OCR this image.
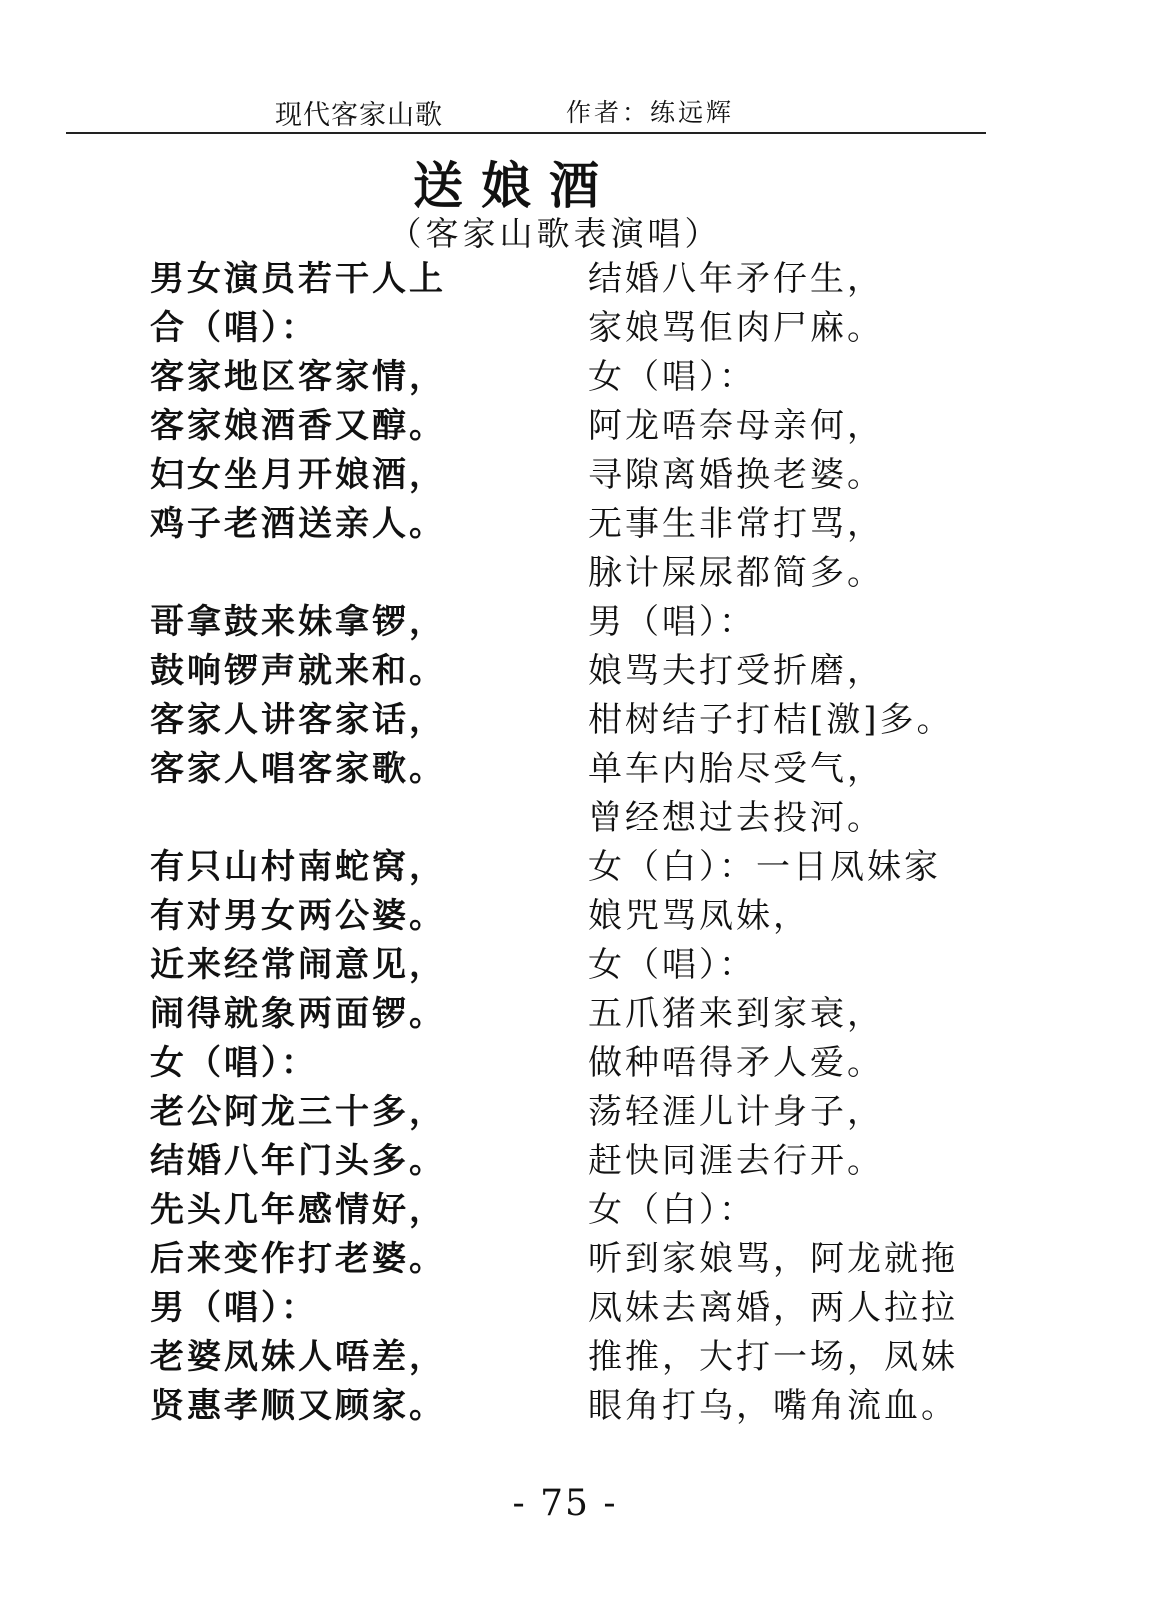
现代客家山歌	作者：练远辉
送娘酒
（客家山歌表演唱）
男女演员若干人上
合（唱）：
客家地区客家情，
客家娘酒香又醇。
妇女坐月开娘酒，
鸡子老酒送亲人。
哥拿鼓来妹拿锣，
鼓响锣声就来和。
客家人讲客家话，
客家人唱客家歌。
有只山村南蛇窝，
有对男女两公婆。
近来经常闹意见，
闹得就象两面锣。
女（唱）：
老公阿龙三十多，
结婚八年门头多。
先头几年感情好，
后来变作打老婆。
男（唱）：
老婆凤妹人唔差，
贤惠孝顺又顾家。
结婚八年矛仔生，
家娘骂佢肉尸麻。
女（唱）：
阿龙唔奈母亲何，
寻隙离婚换老婆。
无事生非常打骂，
脉计屎尿都简多。
男（唱）：
娘骂夫打受折磨，
柑树结子打桔[激]多。
单车内胎尽受气，
曾经想过去投河。
女（白）：一日凤妹家
娘咒骂凤妹，
女（唱）：
五爪猪来到家衰，
做种唔得矛人爱。
荡轻涯儿计身子，
赶快同涯去行开。
女（白）：
听到家娘骂，阿龙就拖
凤妹去离婚，两人拉拉
推推，大打一场，凤妹
眼角打乌，嘴角流血。
- 75 -
